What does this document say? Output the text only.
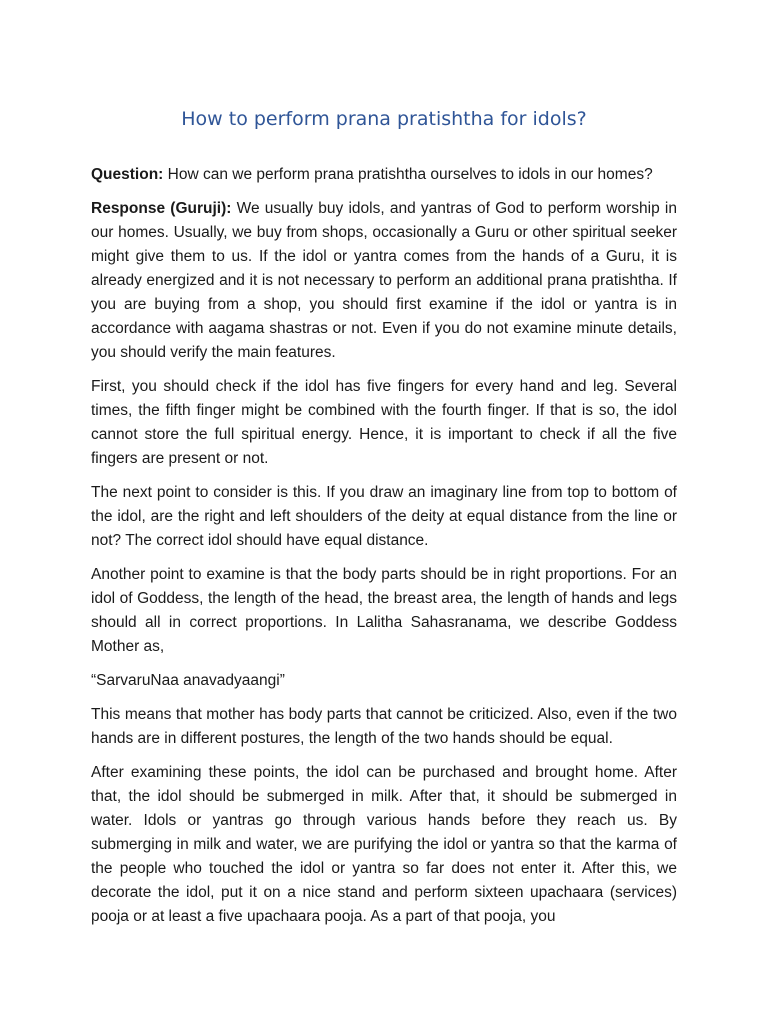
How to perform prana pratishtha for idols?

Question: How can we perform prana pratishtha ourselves to idols in our homes?

Response (Guruji): We usually buy idols, and yantras of God to perform worship in our homes. Usually, we buy from shops, occasionally a Guru or other spiritual seeker might give them to us. If the idol or yantra comes from the hands of a Guru, it is already energized and it is not necessary to perform an additional prana pratishtha. If you are buying from a shop, you should first examine if the idol or yantra is in accordance with aagama shastras or not. Even if you do not examine minute details, you should verify the main features.

First, you should check if the idol has five fingers for every hand and leg. Several times, the fifth finger might be combined with the fourth finger. If that is so, the idol cannot store the full spiritual energy. Hence, it is important to check if all the five fingers are present or not.

The next point to consider is this. If you draw an imaginary line from top to bottom of the idol, are the right and left shoulders of the deity at equal distance from the line or not? The correct idol should have equal distance.

Another point to examine is that the body parts should be in right proportions. For an idol of Goddess, the length of the head, the breast area, the length of hands and legs should all in correct proportions. In Lalitha Sahasranama, we describe Goddess Mother as,

“SarvaruNaa anavadyaangi”

This means that mother has body parts that cannot be criticized. Also, even if the two hands are in different postures, the length of the two hands should be equal.

After examining these points, the idol can be purchased and brought home. After that, the idol should be submerged in milk. After that, it should be submerged in water. Idols or yantras go through various hands before they reach us. By submerging in milk and water, we are purifying the idol or yantra so that the karma of the people who touched the idol or yantra so far does not enter it. After this, we decorate the idol, put it on a nice stand and perform sixteen upachaara (services) pooja or at least a five upachaara pooja. As a part of that pooja, you
